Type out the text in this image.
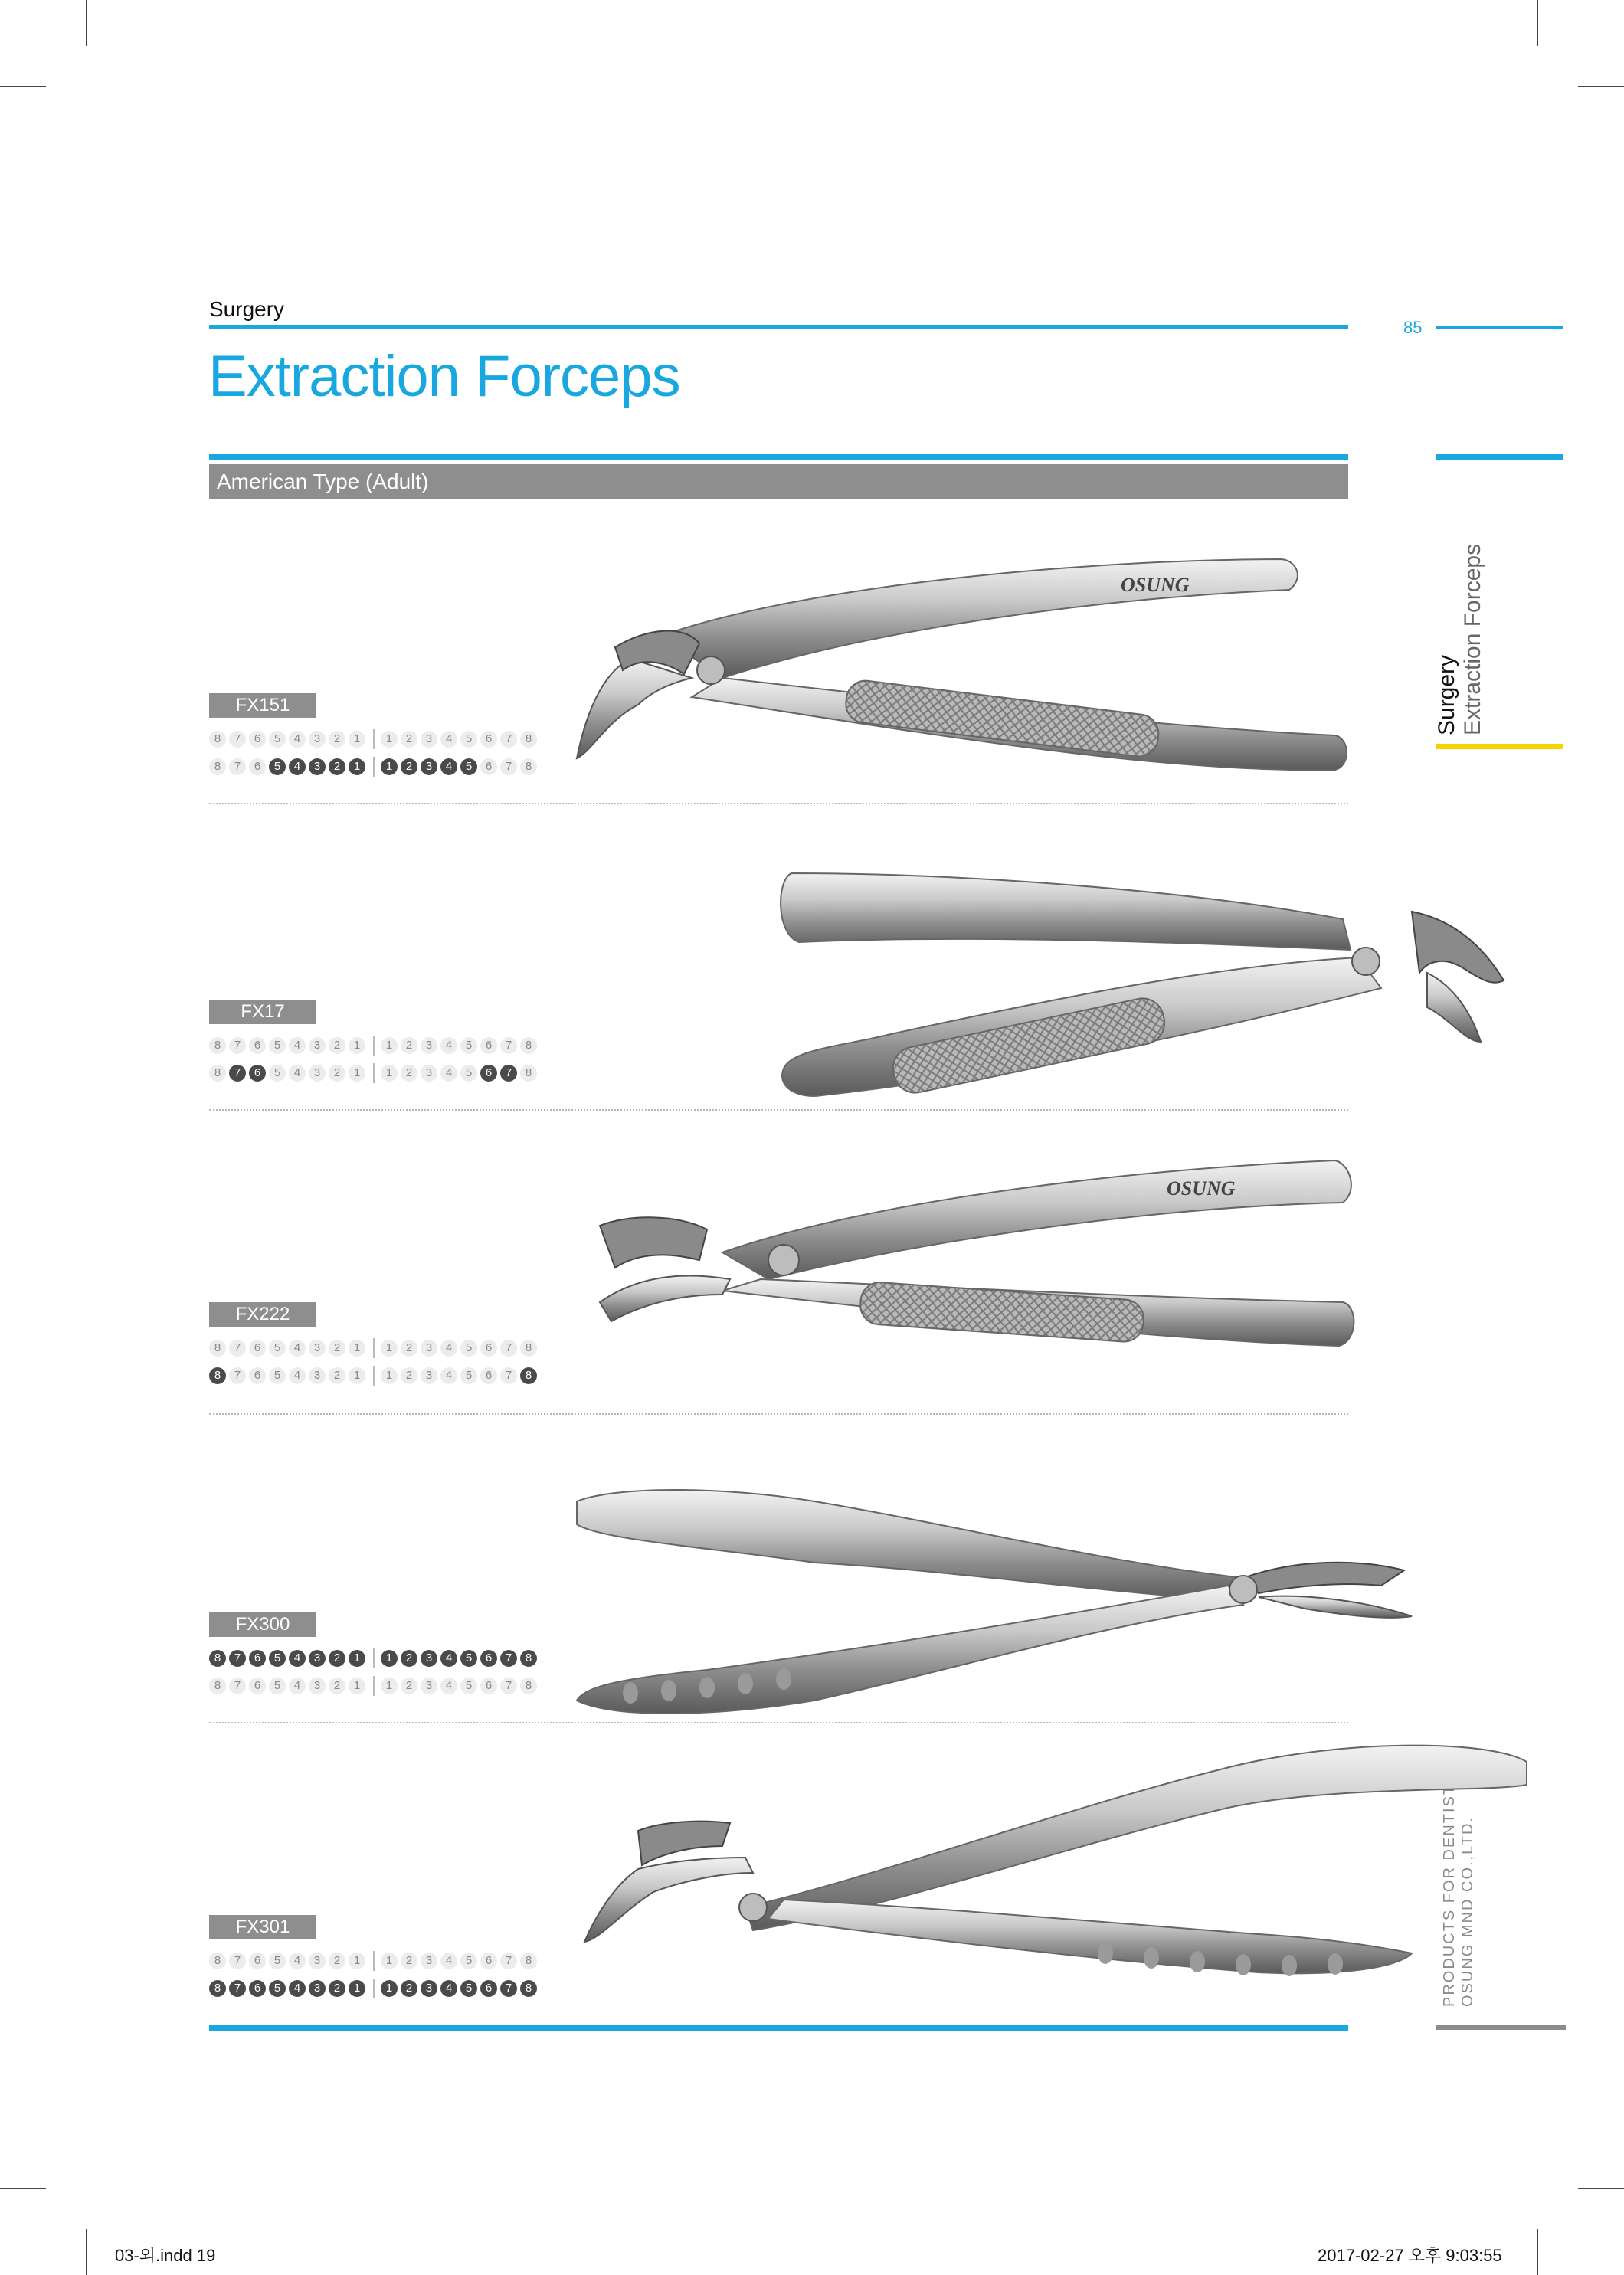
Surgery
85
Extraction Forceps
American Type (Adult)
Surgery Extraction Forceps
PRODUCTS FOR DENTISTRY OSUNG MND CO.,LTD.
OSUNG
FX151
8	7	6	5	4	3	2	1	1	2	3	4	5	6	7	8
8	7	6	5	4	3	2	1	1	2	3	4	5	6	7	8
FX17
8	7	6	5	4	3	2	1	1	2	3	4	5	6	7	8
8	7	6	5	4	3	2	1	1	2	3	4	5	6	7	8
OSUNG
FX222
8	7	6	5	4	3	2	1	1	2	3	4	5	6	7	8
8	7	6	5	4	3	2	1	1	2	3	4	5	6	7	8
FX300
8	7	6	5	4	3	2	1	1	2	3	4	5	6	7	8
8	7	6	5	4	3	2	1	1	2	3	4	5	6	7	8
FX301
8	7	6	5	4	3	2	1	1	2	3	4	5	6	7	8
8	7	6	5	4	3	2	1	1	2	3	4	5	6	7	8
03-외.indd 19	2017-02-27 오후 9:03:55
